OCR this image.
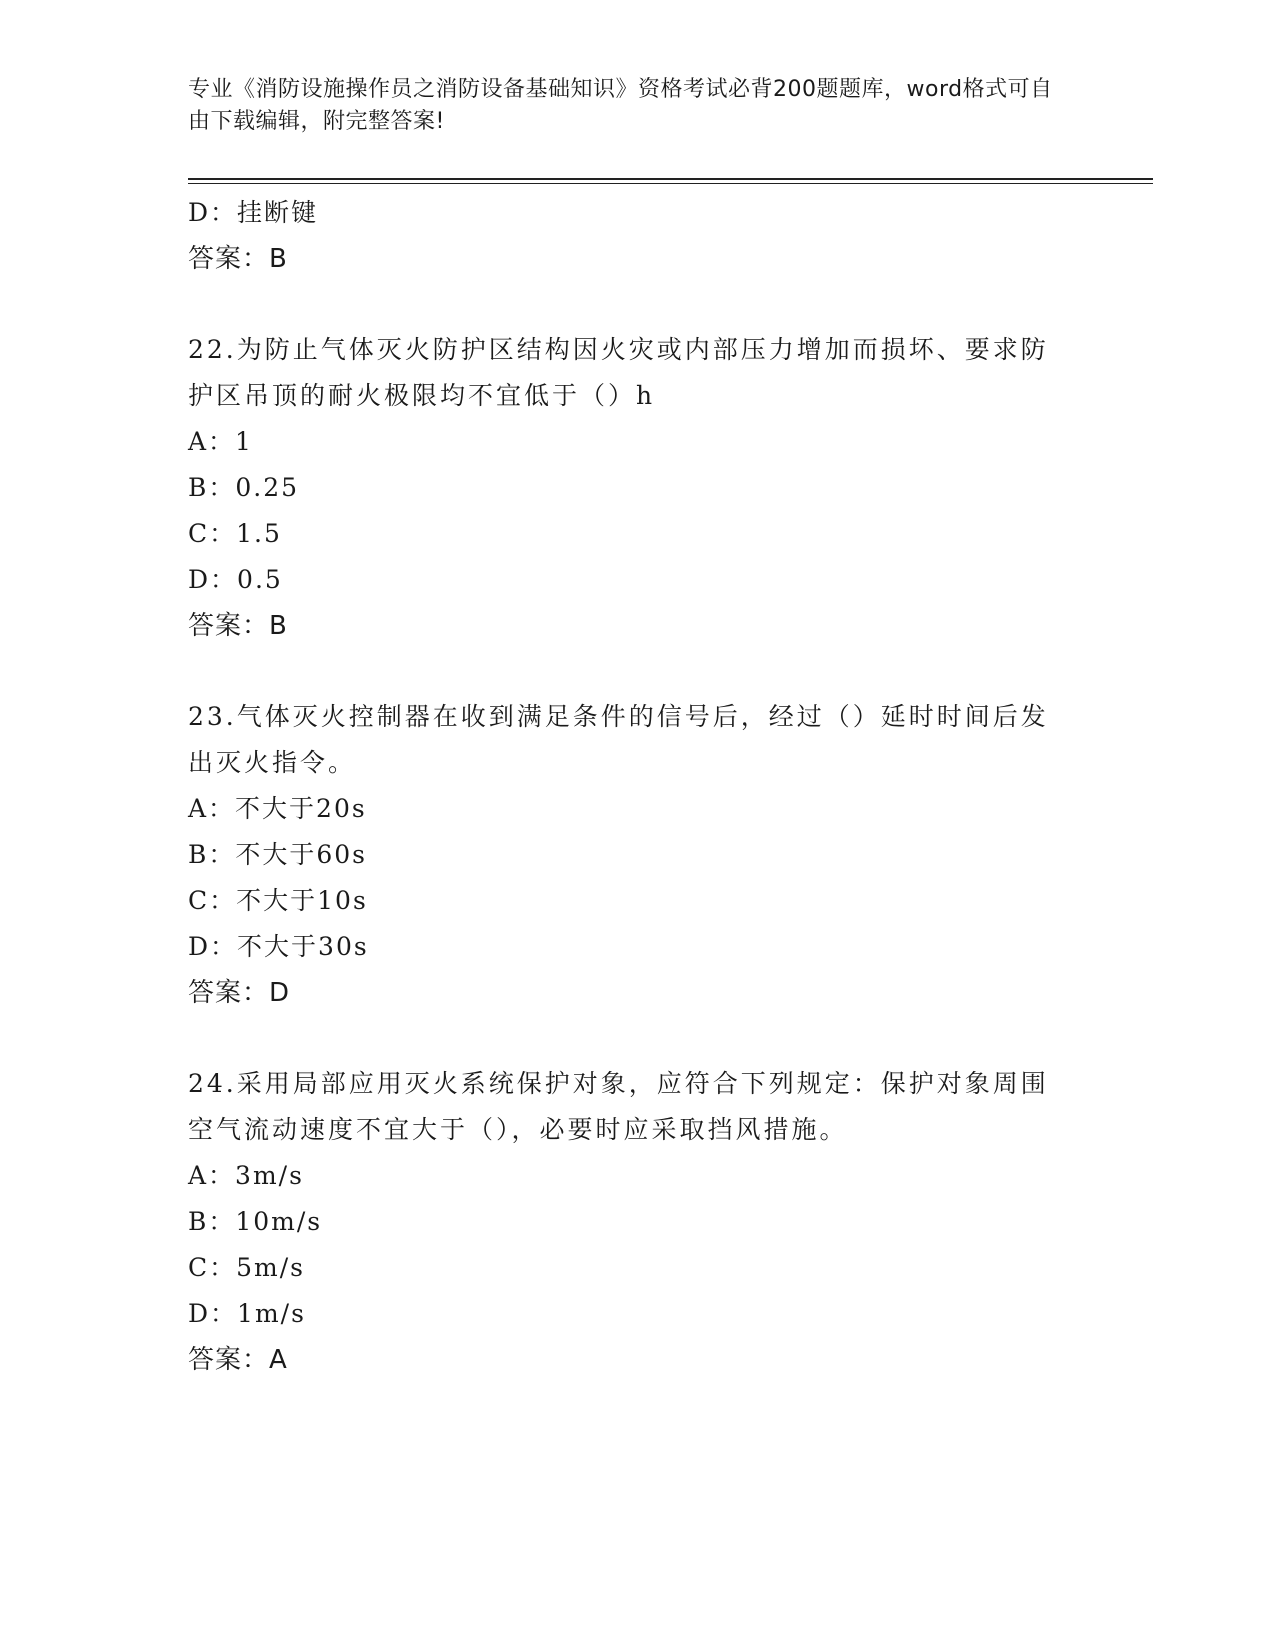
专业《消防设施操作员之消防设备基础知识》资格考试必背200题题库，word格式可自由下载编辑，附完整答案!
D：挂断键
答案：B
22.为防止气体灭火防护区结构因火灾或内部压力增加而损坏、要求防
护区吊顶的耐火极限均不宜低于（）h
A：1
B：0.25
C：1.5
D：0.5
答案：B
23.气体灭火控制器在收到满足条件的信号后，经过（）延时时间后发
出灭火指令。
A：不大于20s
B：不大于60s
C：不大于10s
D：不大于30s
答案：D
24.采用局部应用灭火系统保护对象，应符合下列规定：保护对象周围
空气流动速度不宜大于（），必要时应采取挡风措施。
A：3m/s
B：10m/s
C：5m/s
D：1m/s
答案：A
